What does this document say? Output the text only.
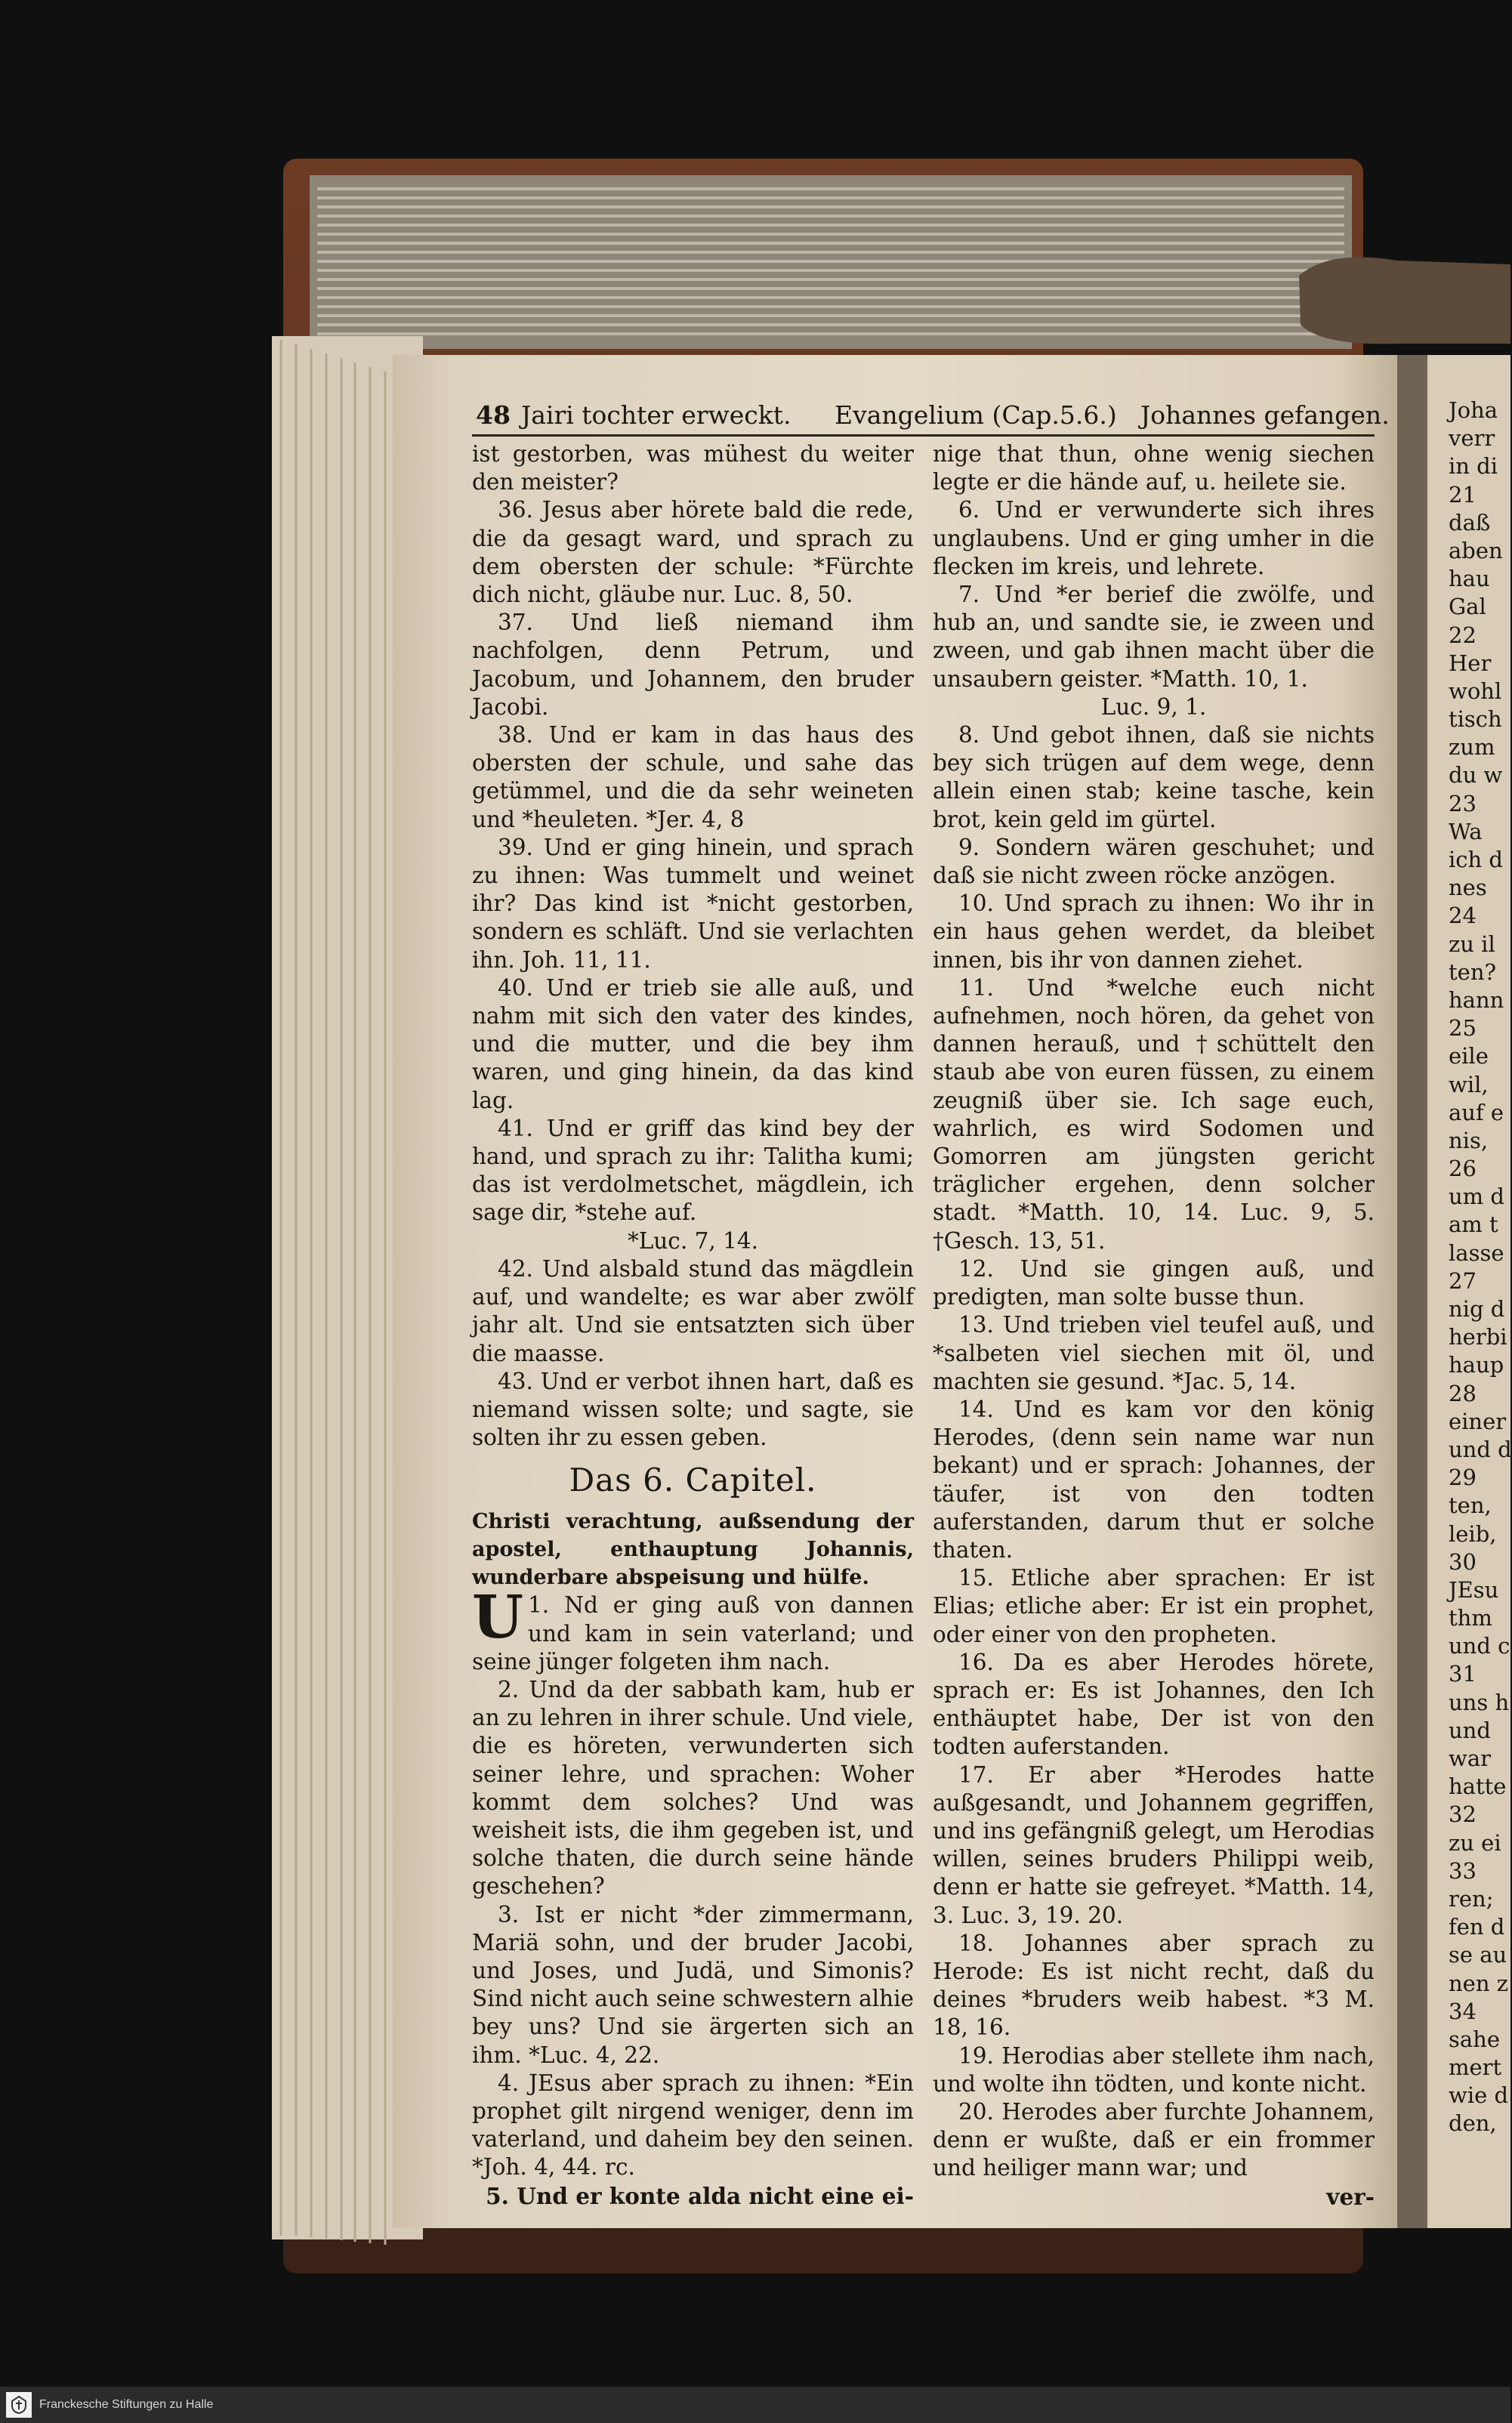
48 Jairi tochter erweckt. Evangelium (Cap.5.6.) Johannes gefangen.

ist gestorben, was mühest du weiter den meister?

36. Jesus aber hörete bald die rede, die da gesagt ward, und sprach zu dem obersten der schule: *Fürchte dich nicht, gläube nur. Luc. 8, 50.

37. Und ließ niemand ihm nachfolgen, denn Petrum, und Jacobum, und Johannem, den bruder Jacobi.

38. Und er kam in das haus des obersten der schule, und sahe das getümmel, und die da sehr weineten und *heuleten. *Jer. 4, 8

39. Und er ging hinein, und sprach zu ihnen: Was tummelt und weinet ihr? Das kind ist *nicht gestorben, sondern es schläft. Und sie verlachten ihn. Joh. 11, 11.

40. Und er trieb sie alle auß, und nahm mit sich den vater des kindes, und die mutter, und die bey ihm waren, und ging hinein, da das kind lag.

41. Und er griff das kind bey der hand, und sprach zu ihr: Talitha kumi; das ist verdolmetschet, mägdlein, ich sage dir, *stehe auf.

*Luc. 7, 14.

42. Und alsbald stund das mägdlein auf, und wandelte; es war aber zwölf jahr alt. Und sie entsatzten sich über die maasse.

43. Und er verbot ihnen hart, daß es niemand wissen solte; und sagte, sie solten ihr zu essen geben.

Das 6. Capitel.

Christi verachtung, außsendung der apostel, enthauptung Johannis, wunderbare abspeisung und hülfe.

1.
U Nd er ging auß von dannen und kam in sein vaterland; und seine jünger folgeten ihm nach.

2. Und da der sabbath kam, hub er an zu lehren in ihrer schule. Und viele, die es höreten, verwunderten sich seiner lehre, und sprachen: Woher kommt dem solches? Und was weisheit ists, die ihm gegeben ist, und solche thaten, die durch seine hände geschehen?

3. Ist er nicht *der zimmermann, Mariä sohn, und der bruder Jacobi, und Joses, und Judä, und Simonis? Sind nicht auch seine schwestern alhie bey uns? Und sie ärgerten sich an ihm. *Luc. 4, 22.

4. JEsus aber sprach zu ihnen: *Ein prophet gilt nirgend weniger, denn im vaterland, und daheim bey den seinen. *Joh. 4, 44. rc.

5. Und er konte alda nicht eine ei-

nige that thun, ohne wenig siechen legte er die hände auf, u. heilete sie.

6. Und er verwunderte sich ihres unglaubens. Und er ging umher in die flecken im kreis, und lehrete.

7. Und *er berief die zwölfe, und hub an, und sandte sie, ie zween und zween, und gab ihnen macht über die unsaubern geister. *Matth. 10, 1.

Luc. 9, 1.

8. Und gebot ihnen, daß sie nichts bey sich trügen auf dem wege, denn allein einen stab; keine tasche, kein brot, kein geld im gürtel.

9. Sondern wären geschuhet; und daß sie nicht zween röcke anzögen.

10. Und sprach zu ihnen: Wo ihr in ein haus gehen werdet, da bleibet innen, bis ihr von dannen ziehet.

11. Und *welche euch nicht aufnehmen, noch hören, da gehet von dannen herauß, und †schüttelt den staub abe von euren füssen, zu einem zeugniß über sie. Ich sage euch, wahrlich, es wird Sodomen und Gomorren am jüngsten gericht träglicher ergehen, denn solcher stadt. *Matth. 10, 14. Luc. 9, 5. †Gesch. 13, 51.

12. Und sie gingen auß, und predigten, man solte busse thun.

13. Und trieben viel teufel auß, und *salbeten viel siechen mit öl, und machten sie gesund. *Jac. 5, 14.

14. Und es kam vor den könig Herodes, (denn sein name war nun bekant) und er sprach: Johannes, der täufer, ist von den todten auferstanden, darum thut er solche thaten.

15. Etliche aber sprachen: Er ist Elias; etliche aber: Er ist ein prophet, oder einer von den propheten.

16. Da es aber Herodes hörete, sprach er: Es ist Johannes, den Ich enthäuptet habe, Der ist von den todten auferstanden.

17. Er aber *Herodes hatte außgesandt, und Johannem gegriffen, und ins gefängniß gelegt, um Herodias willen, seines bruders Philippi weib, denn er hatte sie gefreyet. *Matth. 14, 3. Luc. 3, 19. 20.

18. Johannes aber sprach zu Herode: Es ist nicht recht, daß du deines *bruders weib habest. *3 M. 18, 16.

19. Herodias aber stellete ihm nach, und wolte ihn tödten, und konte nicht.

20. Herodes aber furchte Johannem, denn er wußte, daß er ein frommer und heiliger mann war; und

ver-

Joha
verr
in di
21
daß
aben
hau
Gal
22
Her
wohl
tisch
zum
du w
23
Wa
ich d
nes
24
zu il
ten?
hann
25
eile
wil,
auf e
nis,
26
um d
am t
lasse
27
nig d
herbi
haup
28
einer
und d
29
ten,
leib,
30
JEsu
thm
und c
31
uns h
und
war
hatte
32
zu ei
33
ren;
fen d
se au
nen z
34
sahe
mert
wie d
den,
Franckesche Stiftungen zu Halle
